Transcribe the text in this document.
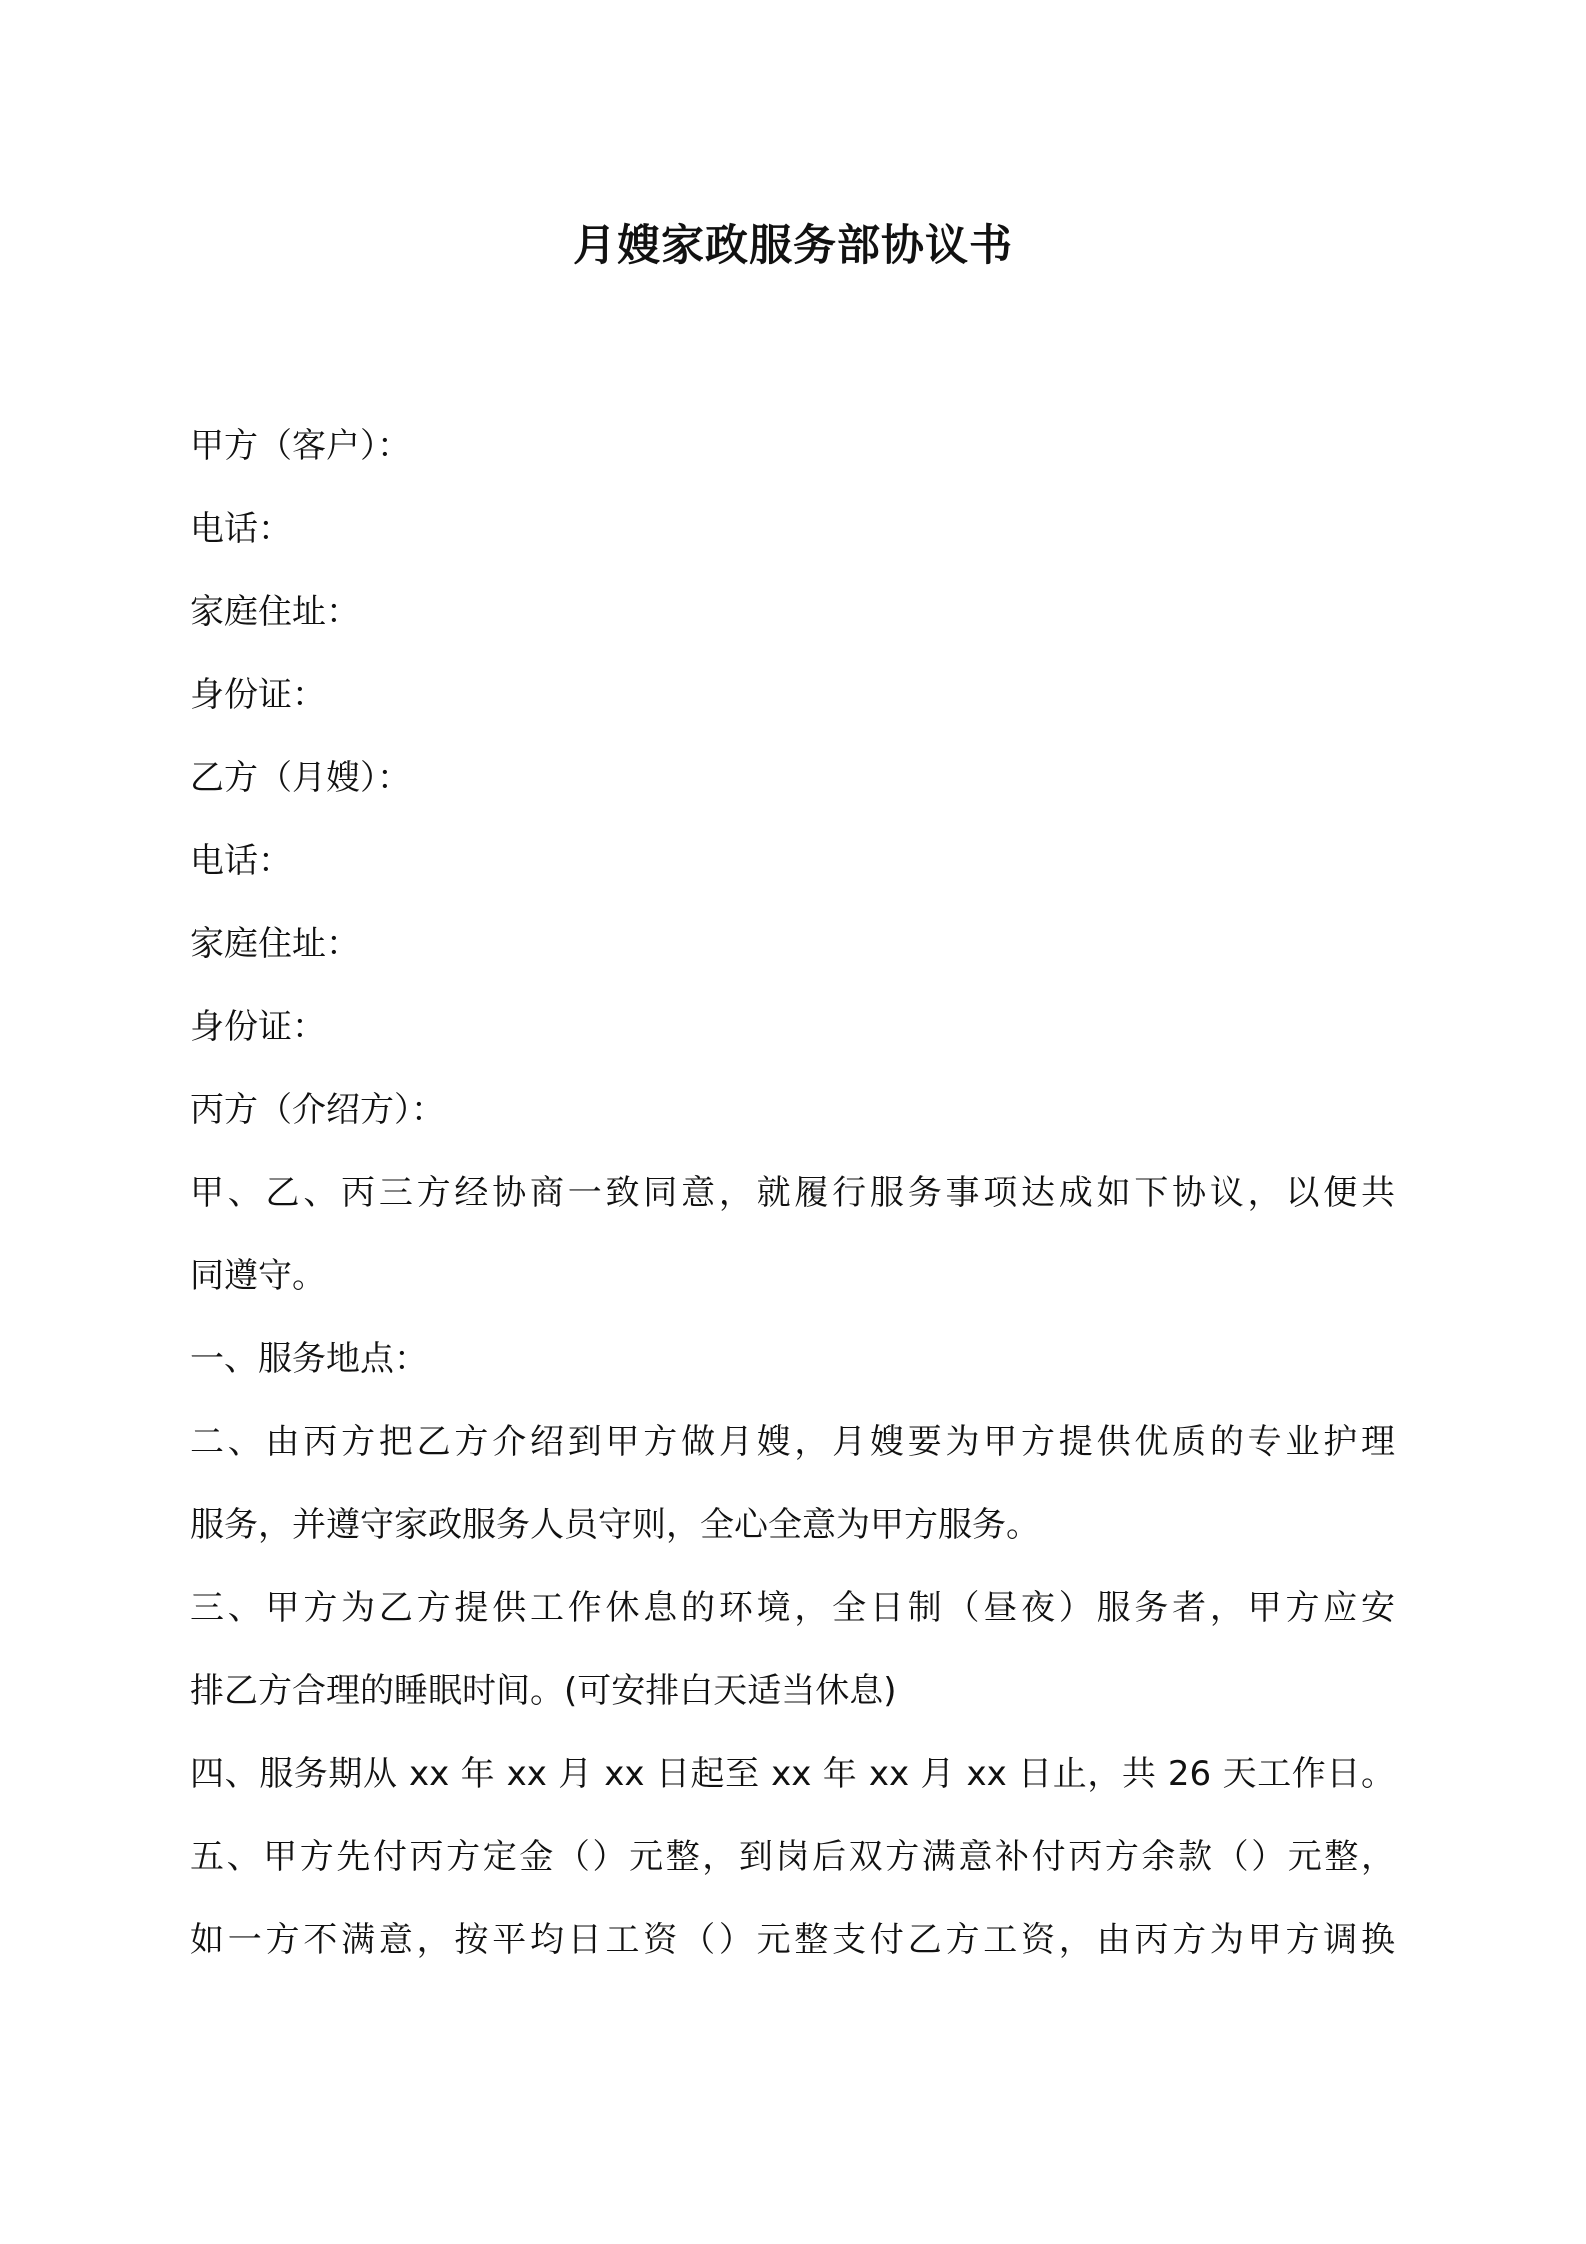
月嫂家政服务部协议书
甲方（客户）：
电话：
家庭住址：
身份证：
乙方（月嫂）：
电话：
家庭住址：
身份证：
丙方（介绍方）：
甲、乙、丙三方经协商一致同意，就履行服务事项达成如下协议，以便共
同遵守。
一、服务地点：
二、由丙方把乙方介绍到甲方做月嫂，月嫂要为甲方提供优质的专业护理
服务，并遵守家政服务人员守则，全心全意为甲方服务。
三、甲方为乙方提供工作休息的环境，全日制（昼夜）服务者，甲方应安
排乙方合理的睡眠时间。(可安排白天适当休息)
四、服务期从 xx 年 xx 月 xx 日起至 xx 年 xx 月 xx 日止，共 26 天工作日。
五、甲方先付丙方定金（）元整，到岗后双方满意补付丙方余款（）元整，
如一方不满意，按平均日工资（）元整支付乙方工资，由丙方为甲方调换
